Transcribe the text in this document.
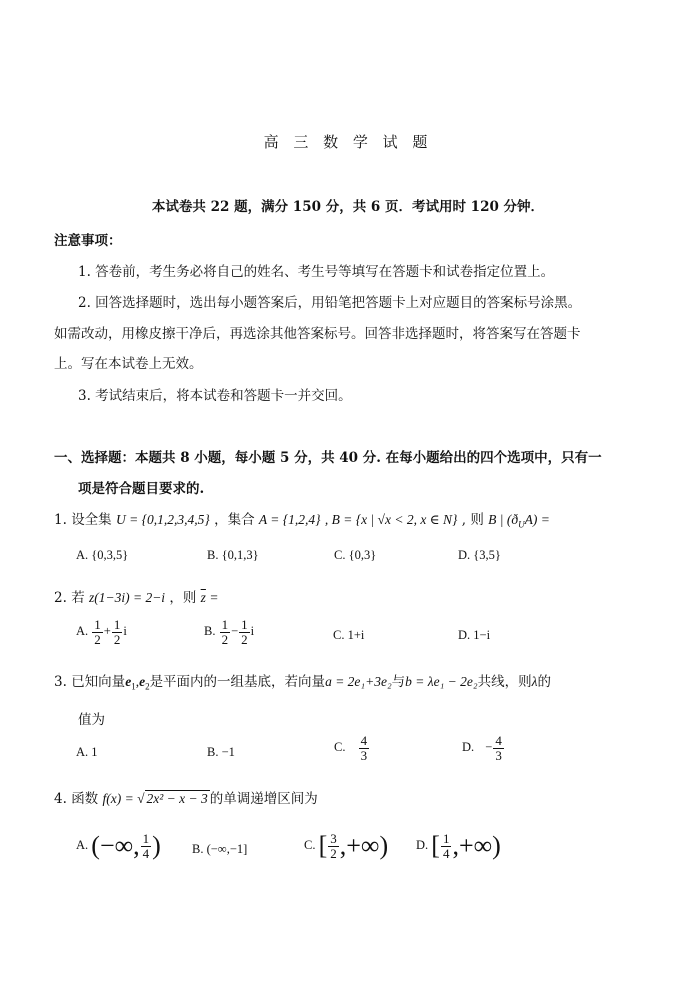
高 三 数 学 试 题
本试卷共 22 题，满分 150 分，共 6 页．考试用时 120 分钟．
注意事项：
1. 答卷前，考生务必将自己的姓名、考生号等填写在答题卡和试卷指定位置上。
2. 回答选择题时，选出每小题答案后，用铅笔把答题卡上对应题目的答案标号涂黑。
如需改动，用橡皮擦干净后，再选涂其他答案标号。回答非选择题时，将答案写在答题卡
上。写在本试卷上无效。
3. 考试结束后，将本试卷和答题卡一并交回。
一、选择题：本题共 8 小题，每小题 5 分，共 40 分. 在每小题给出的四个选项中，只有一
项是符合题目要求的.
1. 设全集 U = {0,1,2,3,4,5} ，集合 A = {1,2,4} , B = {x | √x < 2, x ∈ N} , 则 B | $(ð_UA)$ =
A. {0,3,5}	B. {0,1,3}	C. {0,3}	D. {3,5}
2. 若 z(1−3i) = 2−i ，则 $\overline{z}$ =
A. $\frac{1}{2} + \frac{1}{2}$ i	B. $\frac{1}{2} - \frac{1}{2}$ i	C. 1+i	D. 1−i
3. 已知向量$e_1,e_2$是平面内的一组基底，若向量a = 2e₁+3e₂与b = λe₁ − 2e₂共线，则λ的
值为
A. 1	B. −1	C. $\frac{4}{3}$	D. − $\frac{4}{3}$
4. 函数 f(x) = √ 2x² − x − 3 的单调递增区间为
A. (−∞, $\frac{1}{4}$ ) B. (−∞,−1]	C. [ $\frac{3}{2}$ ,+∞) D. [ $\frac{1}{4}$ ,+∞)
